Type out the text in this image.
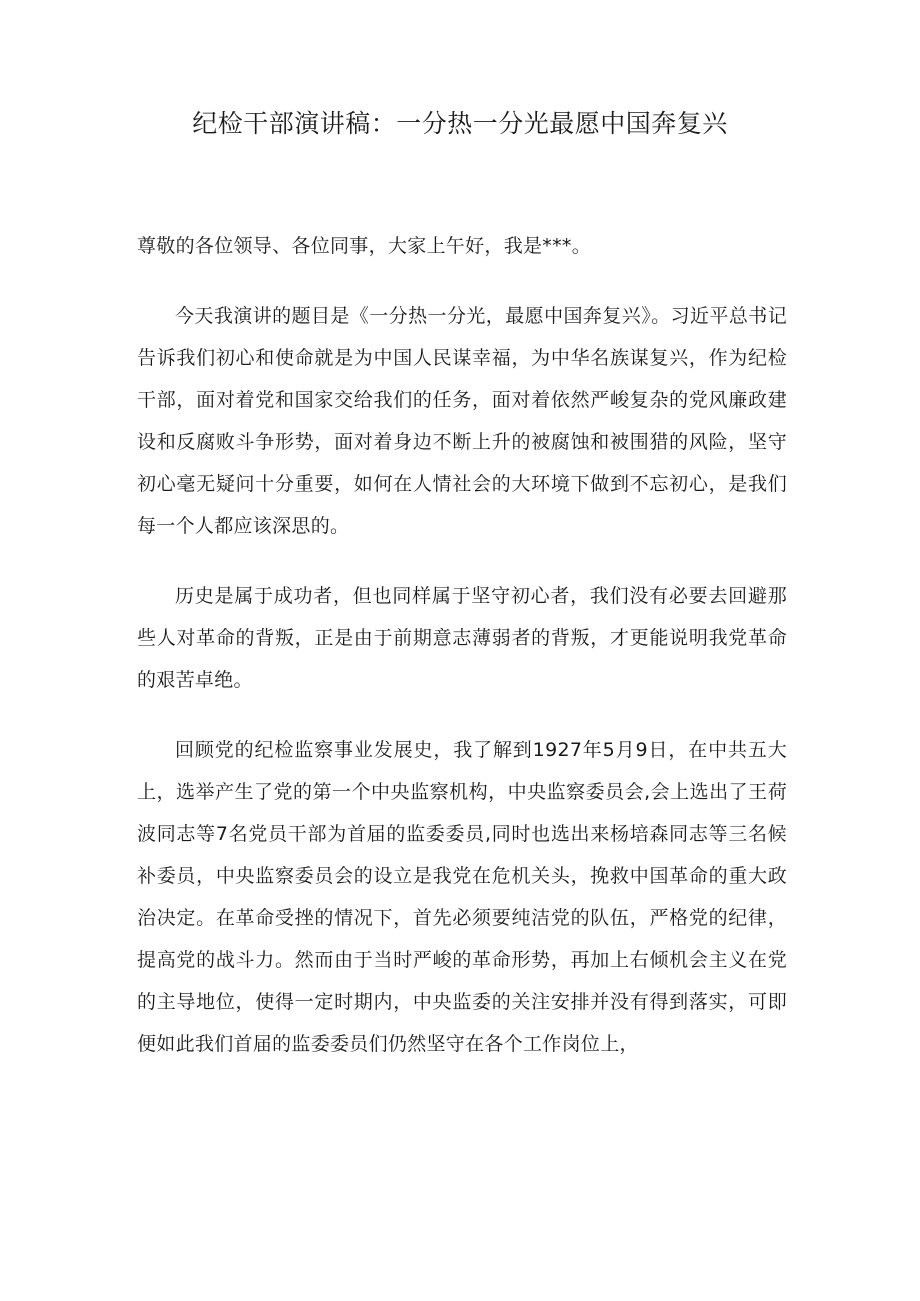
纪检干部演讲稿：一分热一分光最愿中国奔复兴

尊敬的各位领导、各位同事，大家上午好，我是***。

今天我演讲的题目是《一分热一分光，最愿中国奔复兴》。习近平总书记告诉我们初心和使命就是为中国人民谋幸福，为中华名族谋复兴，作为纪检干部，面对着党和国家交给我们的任务，面对着依然严峻复杂的党风廉政建设和反腐败斗争形势，面对着身边不断上升的被腐蚀和被围猎的风险，坚守初心毫无疑问十分重要，如何在人情社会的大环境下做到不忘初心，是我们每一个人都应该深思的。

历史是属于成功者，但也同样属于坚守初心者，我们没有必要去回避那些人对革命的背叛，正是由于前期意志薄弱者的背叛，才更能说明我党革命的艰苦卓绝。

回顾党的纪检监察事业发展史，我了解到1927年5月9日，在中共五大上，选举产生了党的第一个中央监察机构，中央监察委员会,会上选出了王荷波同志等7名党员干部为首届的监委委员,同时也选出来杨培森同志等三名候补委员，中央监察委员会的设立是我党在危机关头，挽救中国革命的重大政治决定。在革命受挫的情况下，首先必须要纯洁党的队伍，严格党的纪律，提高党的战斗力。然而由于当时严峻的革命形势，再加上右倾机会主义在党的主导地位，使得一定时期内，中央监委的关注安排并没有得到落实，可即便如此我们首届的监委委员们仍然坚守在各个工作岗位上，
